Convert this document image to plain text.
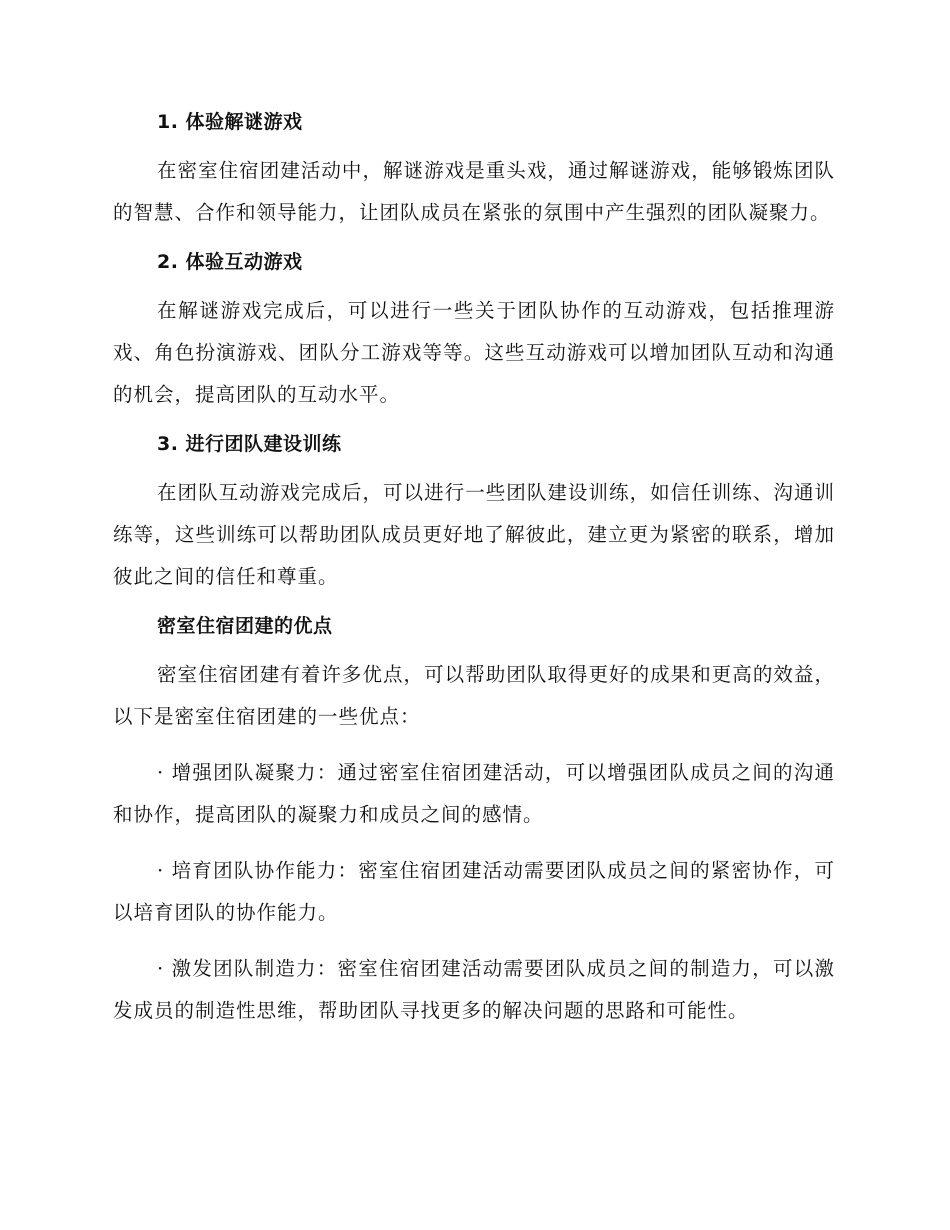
1. 体验解谜游戏

在密室住宿团建活动中，解谜游戏是重头戏，通过解谜游戏，能够锻炼团队的智慧、合作和领导能力，让团队成员在紧张的氛围中产生强烈的团队凝聚力。

2. 体验互动游戏

在解谜游戏完成后，可以进行一些关于团队协作的互动游戏，包括推理游戏、角色扮演游戏、团队分工游戏等等。这些互动游戏可以增加团队互动和沟通的机会，提高团队的互动水平。

3. 进行团队建设训练

在团队互动游戏完成后，可以进行一些团队建设训练，如信任训练、沟通训练等，这些训练可以帮助团队成员更好地了解彼此，建立更为紧密的联系，增加彼此之间的信任和尊重。

密室住宿团建的优点

密室住宿团建有着许多优点，可以帮助团队取得更好的成果和更高的效益，以下是密室住宿团建的一些优点：

· 增强团队凝聚力：通过密室住宿团建活动，可以增强团队成员之间的沟通和协作，提高团队的凝聚力和成员之间的感情。

· 培育团队协作能力：密室住宿团建活动需要团队成员之间的紧密协作，可以培育团队的协作能力。

· 激发团队制造力：密室住宿团建活动需要团队成员之间的制造力，可以激发成员的制造性思维，帮助团队寻找更多的解决问题的思路和可能性。
